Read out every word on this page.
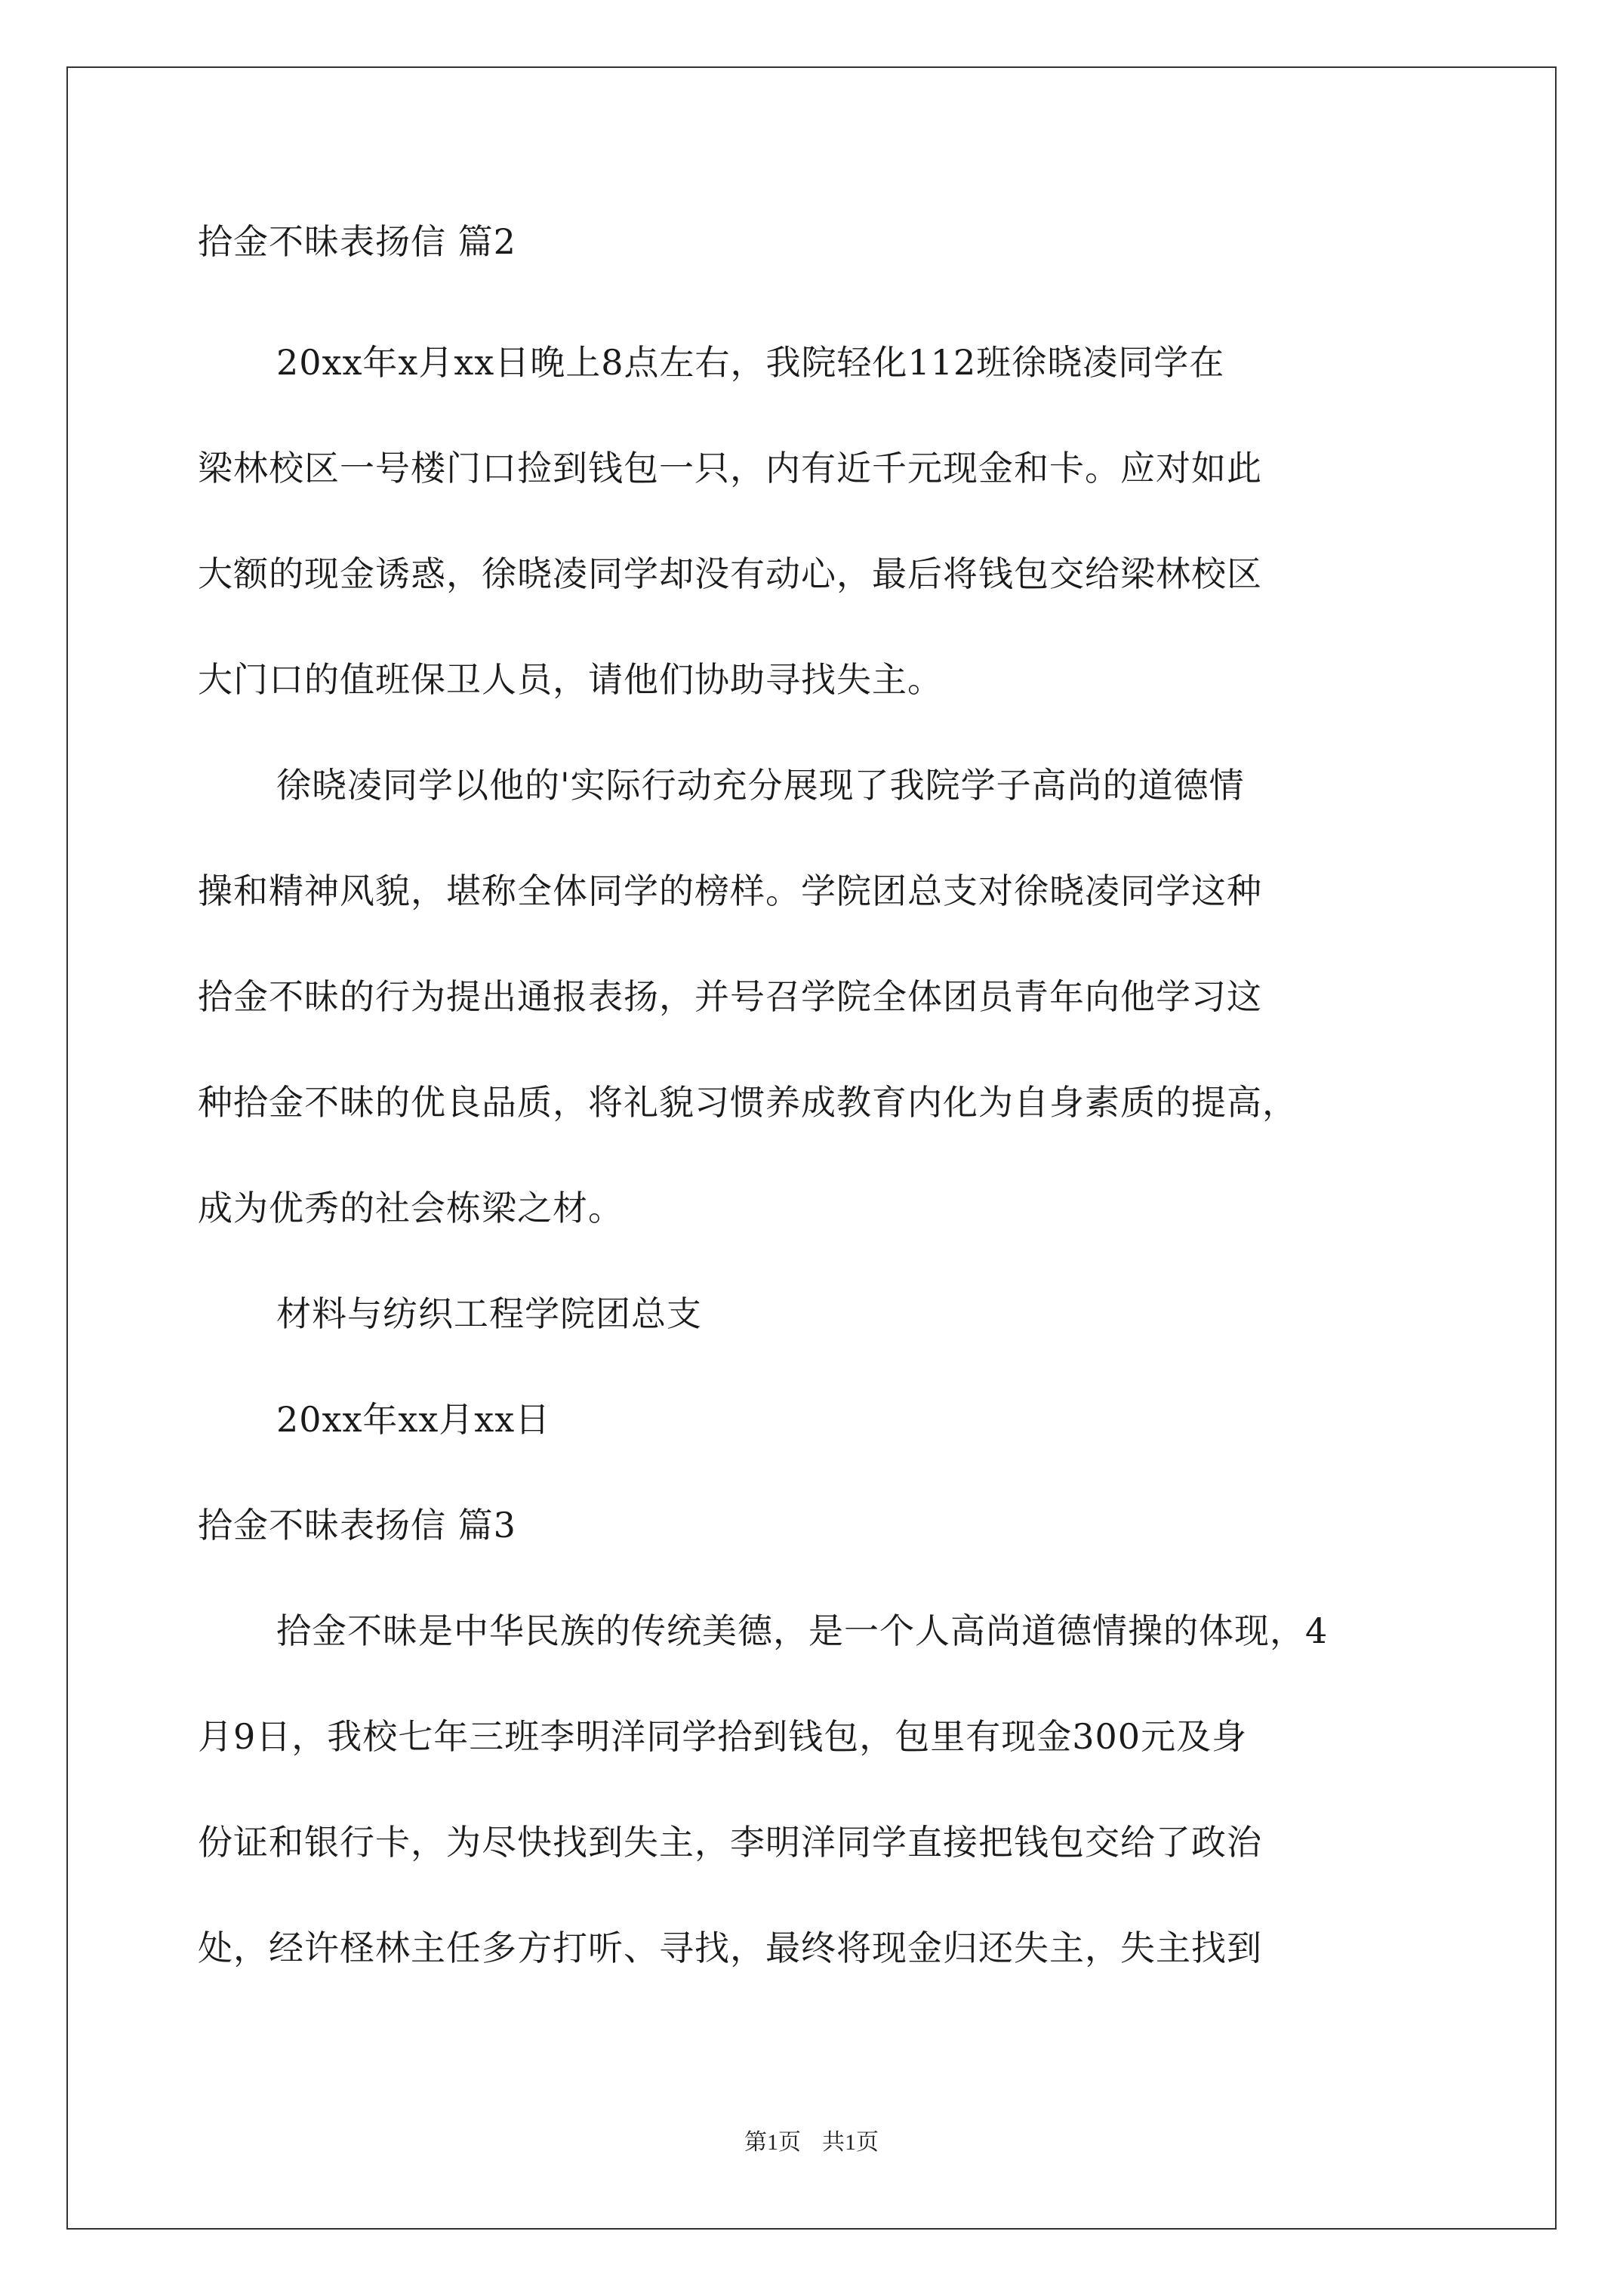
拾金不昧表扬信 篇2
20xx年x月xx日晚上8点左右，我院轻化112班徐晓凌同学在
梁林校区一号楼门口捡到钱包一只，内有近千元现金和卡。应对如此
大额的现金诱惑，徐晓凌同学却没有动心，最后将钱包交给梁林校区
大门口的值班保卫人员，请他们协助寻找失主。
徐晓凌同学以他的'实际行动充分展现了我院学子高尚的道德情
操和精神风貌，堪称全体同学的榜样。学院团总支对徐晓凌同学这种
拾金不昧的行为提出通报表扬，并号召学院全体团员青年向他学习这
种拾金不昧的优良品质，将礼貌习惯养成教育内化为自身素质的提高，
成为优秀的社会栋梁之材。
材料与纺织工程学院团总支
20xx年xx月xx日
拾金不昧表扬信 篇3
拾金不昧是中华民族的传统美德，是一个人高尚道德情操的体现，4
月9日，我校七年三班李明洋同学拾到钱包，包里有现金300元及身
份证和银行卡，为尽快找到失主，李明洋同学直接把钱包交给了政治
处，经许柽林主任多方打听、寻找，最终将现金归还失主，失主找到
第1页 共1页
